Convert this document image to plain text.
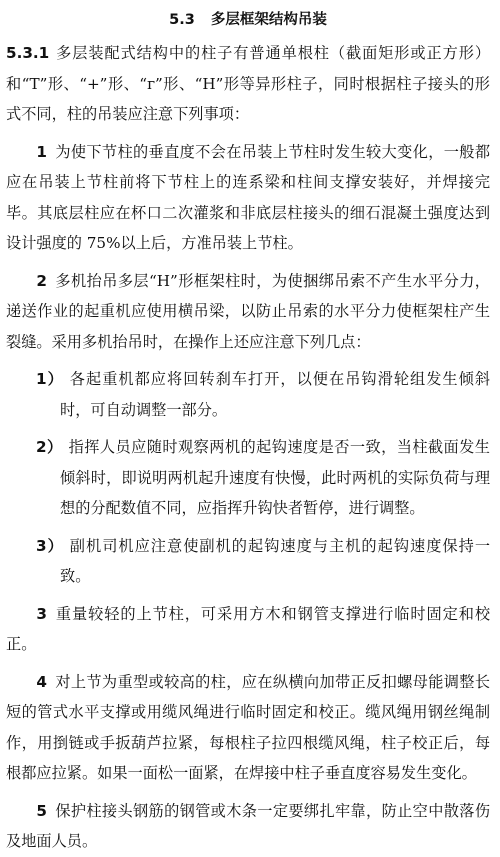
5.3 多层框架结构吊装

5.3.1 多层装配式结构中的柱子有普通单根柱（截面矩形或正方形）和“T”形、“+”形、“г”形、“H”形等异形柱子，同时根据柱子接头的形式不同，柱的吊装应注意下列事项：

1 为使下节柱的垂直度不会在吊装上节柱时发生较大变化，一般都应在吊装上节柱前将下节柱上的连系梁和柱间支撑安装好，并焊接完毕。其底层柱应在杯口二次灌浆和非底层柱接头的细石混凝土强度达到设计强度的 75%以上后，方准吊装上节柱。

2 多机抬吊多层“H”形框架柱时，为使捆绑吊索不产生水平分力，递送作业的起重机应使用横吊梁，以防止吊索的水平分力使框架柱产生裂缝。采用多机抬吊时，在操作上还应注意下列几点：

1） 各起重机都应将回转刹车打开，以便在吊钩滑轮组发生倾斜时，可自动调整一部分。

2） 指挥人员应随时观察两机的起钩速度是否一致，当柱截面发生倾斜时，即说明两机起升速度有快慢，此时两机的实际负荷与理想的分配数值不同，应指挥升钩快者暂停，进行调整。

3） 副机司机应注意使副机的起钩速度与主机的起钩速度保持一致。

3 重量较轻的上节柱，可采用方木和钢管支撑进行临时固定和校正。

4 对上节为重型或较高的柱，应在纵横向加带正反扣螺母能调整长短的管式水平支撑或用缆风绳进行临时固定和校正。缆风绳用钢丝绳制作，用捯链或手扳葫芦拉紧，每根柱子拉四根缆风绳，柱子校正后，每根都应拉紧。如果一面松一面紧，在焊接中柱子垂直度容易发生变化。

5 保护柱接头钢筋的钢管或木条一定要绑扎牢靠，防止空中散落伤及地面人员。
